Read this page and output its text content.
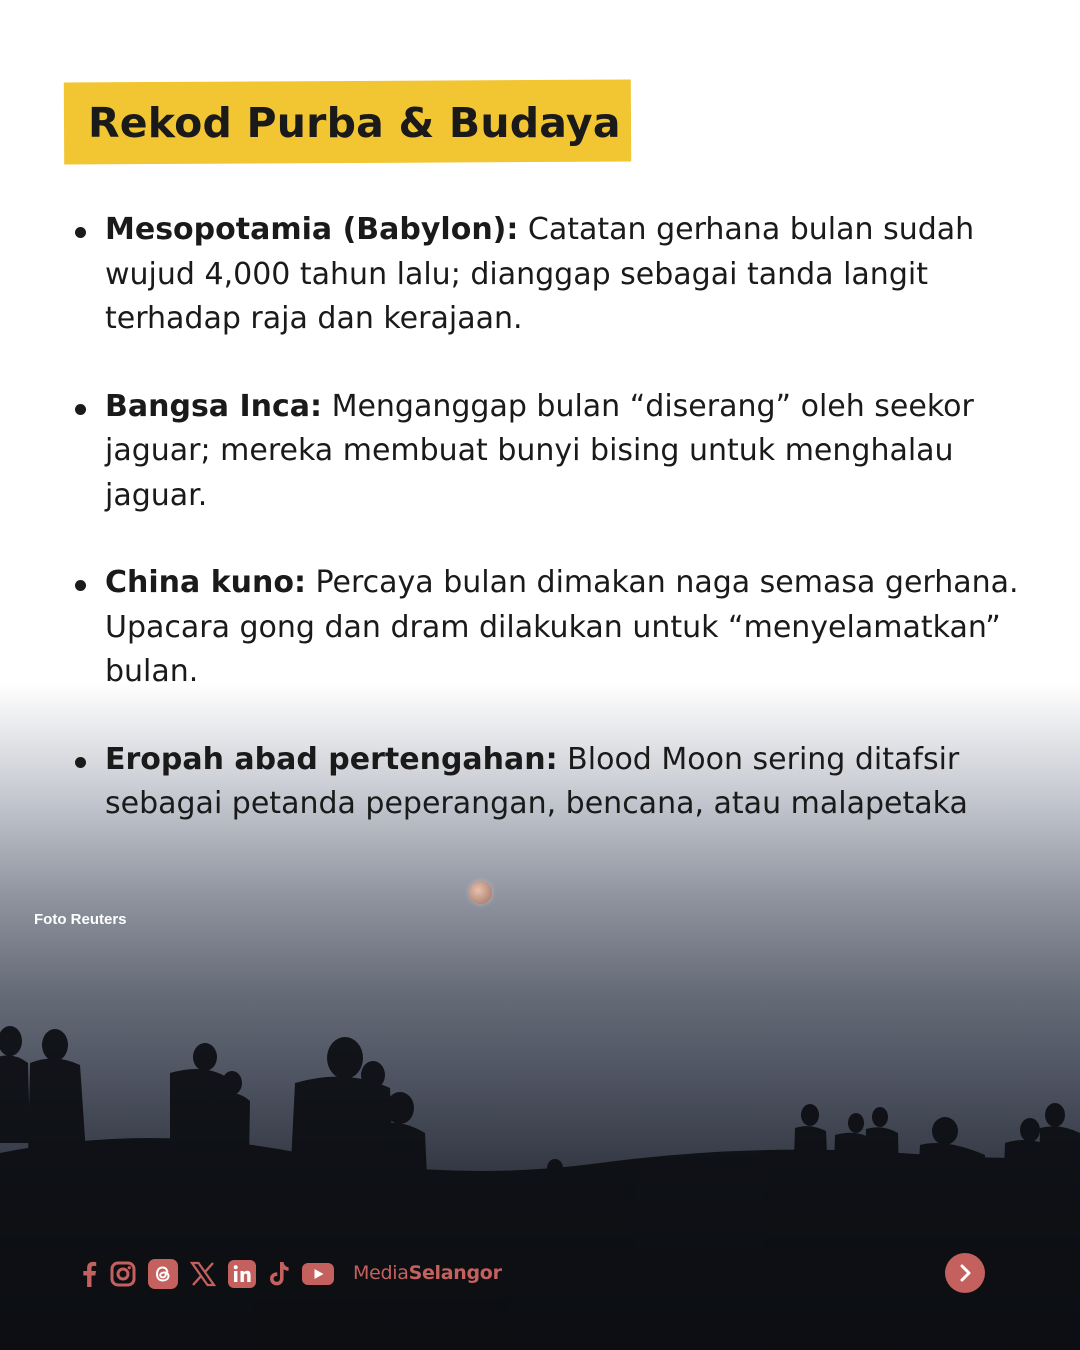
Foto Reuters
Rekod Purba & Budaya
Mesopotamia (Babylon): Catatan gerhana bulan sudah wujud 4,000 tahun lalu; dianggap sebagai tanda langit terhadap raja dan kerajaan.
Bangsa Inca: Menganggap bulan “diserang” oleh seekor jaguar; mereka membuat bunyi bising untuk menghalau jaguar.
China kuno: Percaya bulan dimakan naga semasa gerhana. Upacara gong dan dram dilakukan untuk “menyelamatkan” bulan.
Eropah abad pertengahan: Blood Moon sering ditafsir sebagai petanda peperangan, bencana, atau malapetaka
MediaSelangor
